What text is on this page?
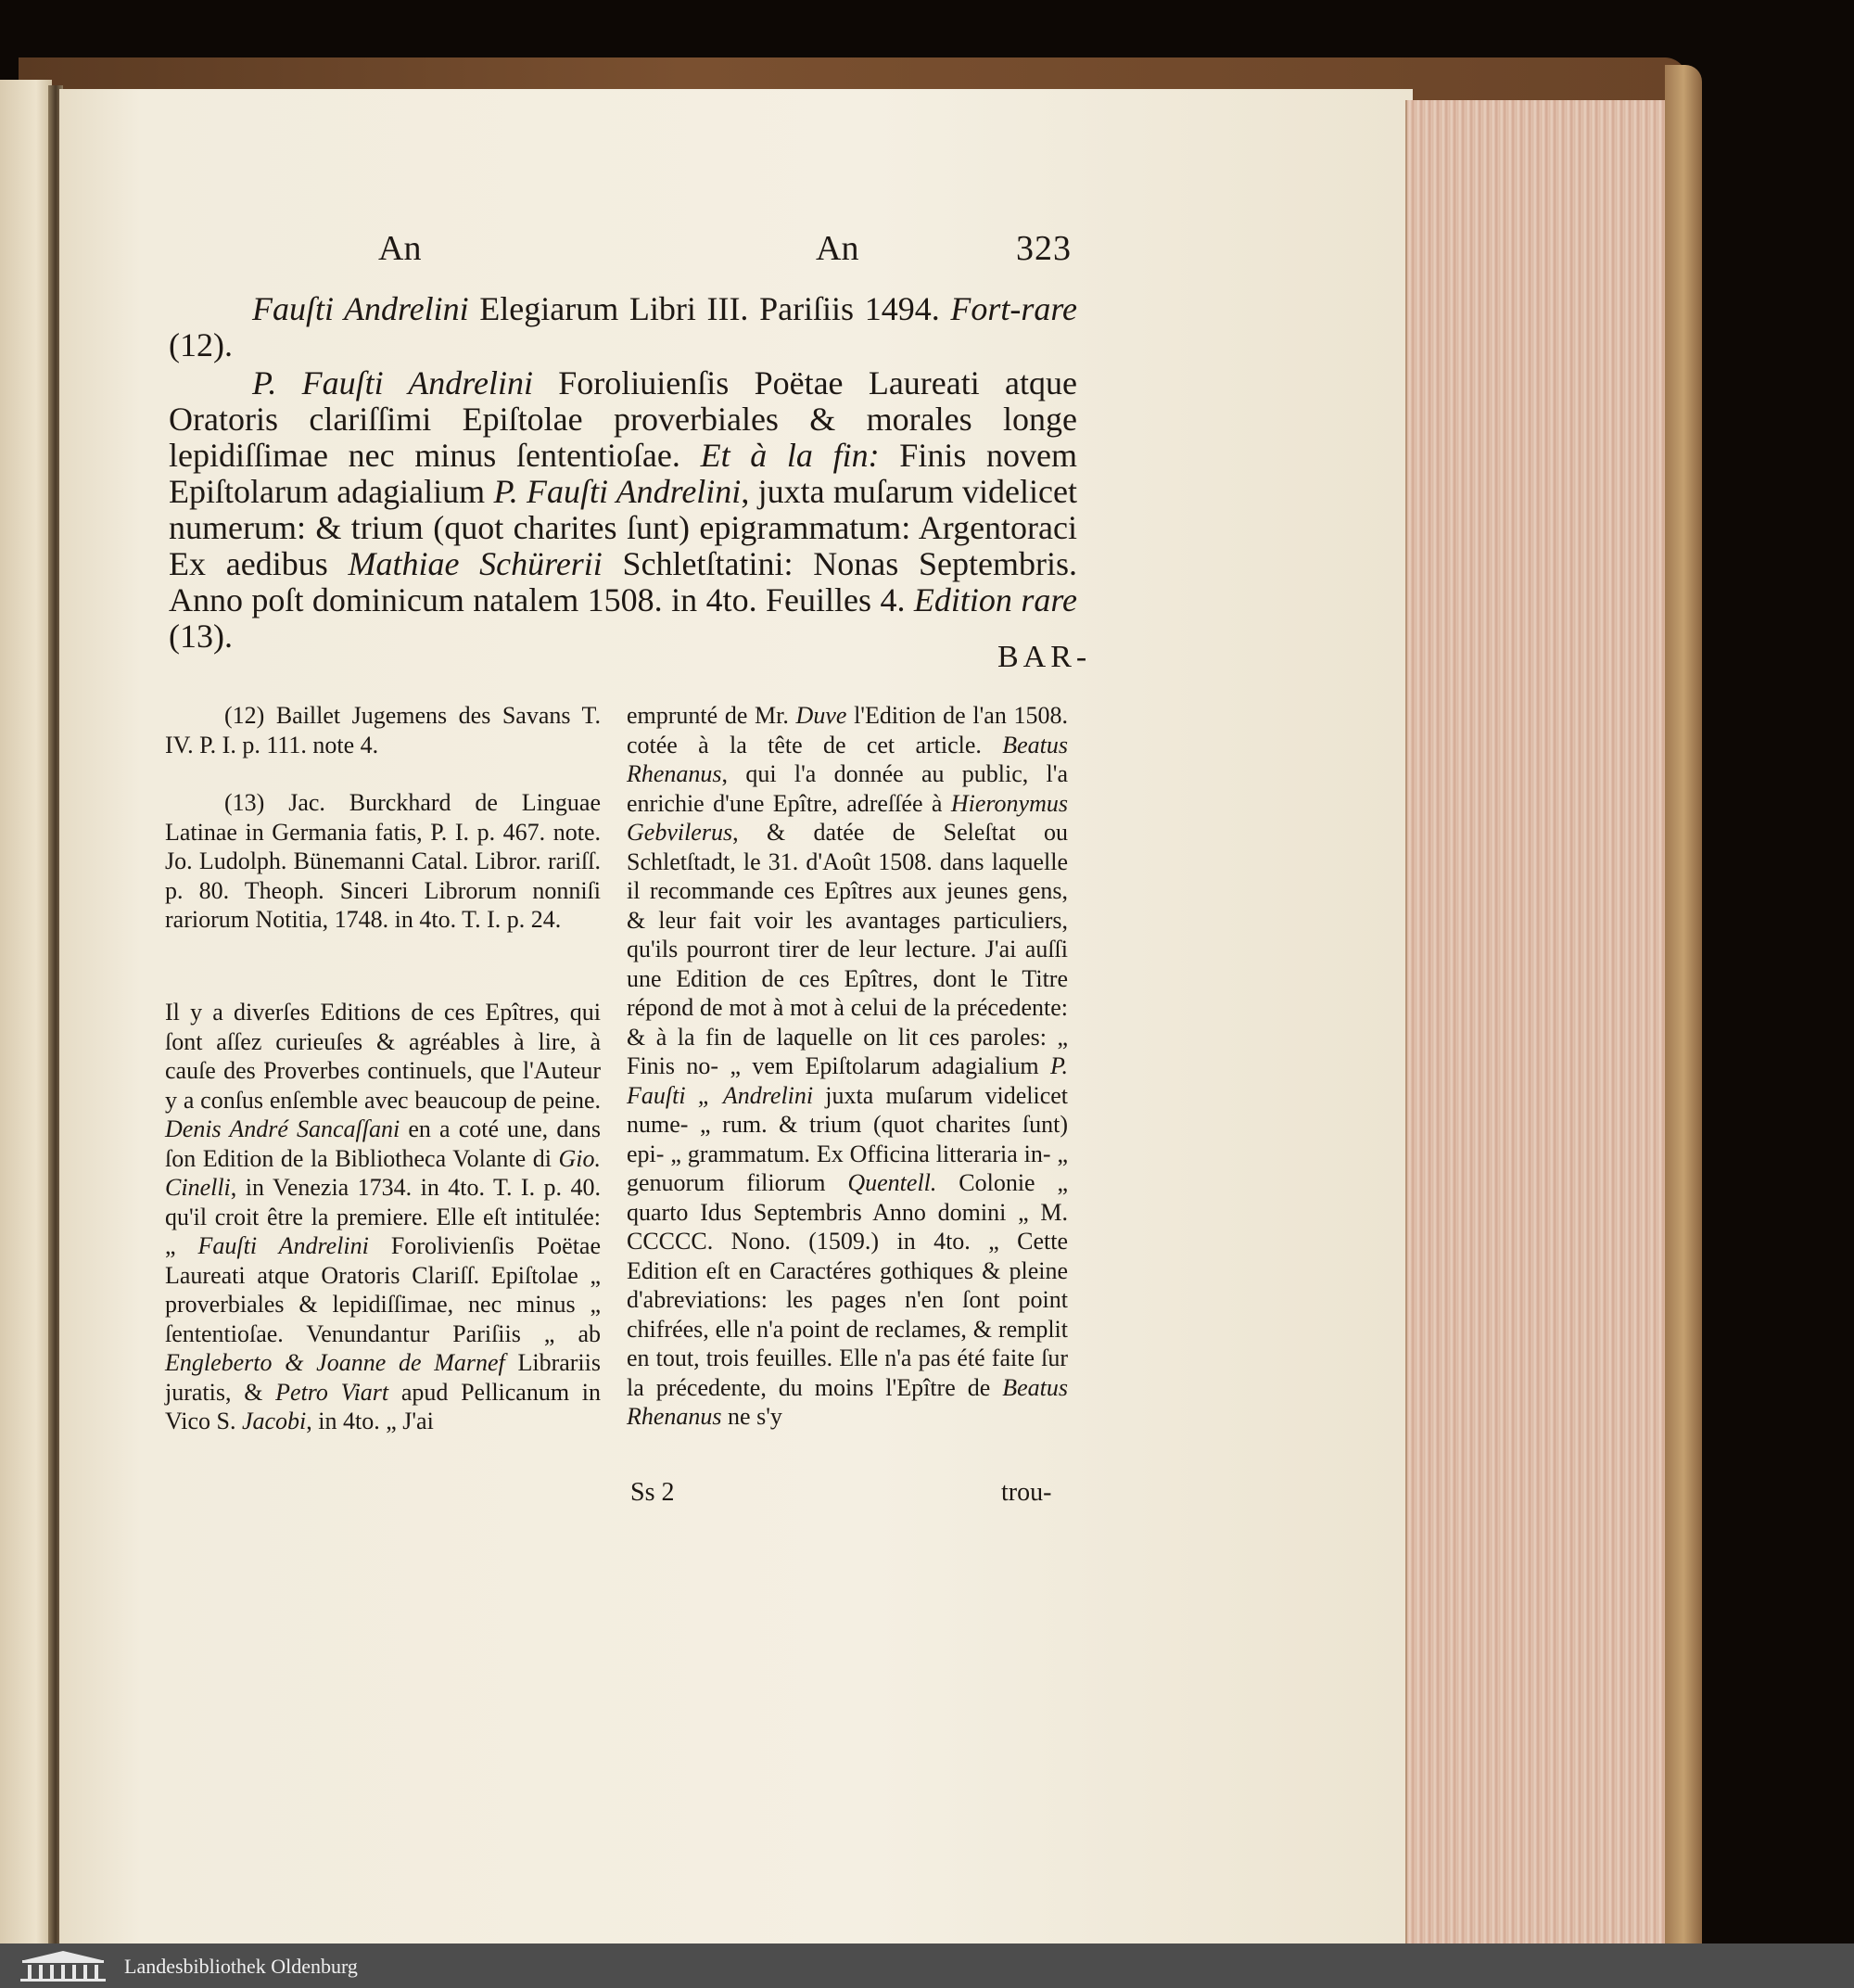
An	An	323

Fauſti Andrelini Elegiarum Libri III. Pariſiis 1494. Fort-rare (12).

P. Fauſti Andrelini Foroliuienſis Poëtae Laureati atque Oratoris clariſſimi Epiſtolae proverbiales & morales longe lepidiſſimae nec minus ſententioſae. Et à la fin: Finis novem Epiſtolarum adagialium P. Fauſti Andrelini, juxta muſarum videlicet numerum: & trium (quot charites ſunt) epigrammatum: Argentoraci Ex aedibus Mathiae Schürerii Schletſtatini: Nonas Septembris. Anno poſt dominicum natalem 1508. in 4to. Feuilles 4. Edition rare (13).

BAR-

(12) Baillet Jugemens des Savans T. IV. P. I. p. 111. note 4.

(13) Jac. Burckhard de Linguae Latinae in Germania fatis, P. I. p. 467. note. Jo. Ludolph. Bünemanni Catal. Libror. rariſſ. p. 80. Theoph. Sinceri Librorum nonniſi rariorum Notitia, 1748. in 4to. T. I. p. 24.

Il y a diverſes Editions de ces Epîtres, qui ſont aſſez curieuſes & agréables à lire, à cauſe des Proverbes continuels, que l'Auteur y a conſus enſemble avec beaucoup de peine. Denis André Sancaſſani en a coté une, dans ſon Edition de la Bibliotheca Volante di Gio. Cinelli, in Venezia 1734. in 4to. T. I. p. 40. qu'il croit être la premiere. Elle eſt intitulée: „ Fauſti Andrelini Forolivienſis Poëtae Laureati atque Oratoris Clariſſ. Epiſtolae „ proverbiales & lepidiſſimae, nec minus „ ſententioſae. Venundantur Pariſiis „ ab Engleberto & Joanne de Marnef Librariis juratis, & Petro Viart apud Pellicanum in Vico S. Jacobi, in 4to. „ J'ai

emprunté de Mr. Duve l'Edition de l'an 1508. cotée à la tête de cet article. Beatus Rhenanus, qui l'a donnée au public, l'a enrichie d'une Epître, adreſſée à Hieronymus Gebvilerus, & datée de Seleſtat ou Schletſtadt, le 31. d'Août 1508. dans laquelle il recommande ces Epîtres aux jeunes gens, & leur fait voir les avantages particuliers, qu'ils pourront tirer de leur lecture. J'ai auſſi une Edition de ces Epîtres, dont le Titre répond de mot à mot à celui de la précedente: & à la fin de laquelle on lit ces paroles: „ Finis no- „ vem Epiſtolarum adagialium P. Fauſti „ Andrelini juxta muſarum videlicet nume- „ rum. & trium (quot charites ſunt) epi- „ grammatum. Ex Officina litteraria in- „ genuorum filiorum Quentell. Colonie „ quarto Idus Septembris Anno domini „ M. CCCCC. Nono. (1509.) in 4to. „ Cette Edition eſt en Caractéres gothiques & pleine d'abreviations: les pages n'en ſont point chifrées, elle n'a point de reclames, & remplit en tout, trois feuilles. Elle n'a pas été faite ſur la précedente, du moins l'Epître de Beatus Rhenanus ne s'y

Ss 2	trou-
Landesbibliothek Oldenburg
